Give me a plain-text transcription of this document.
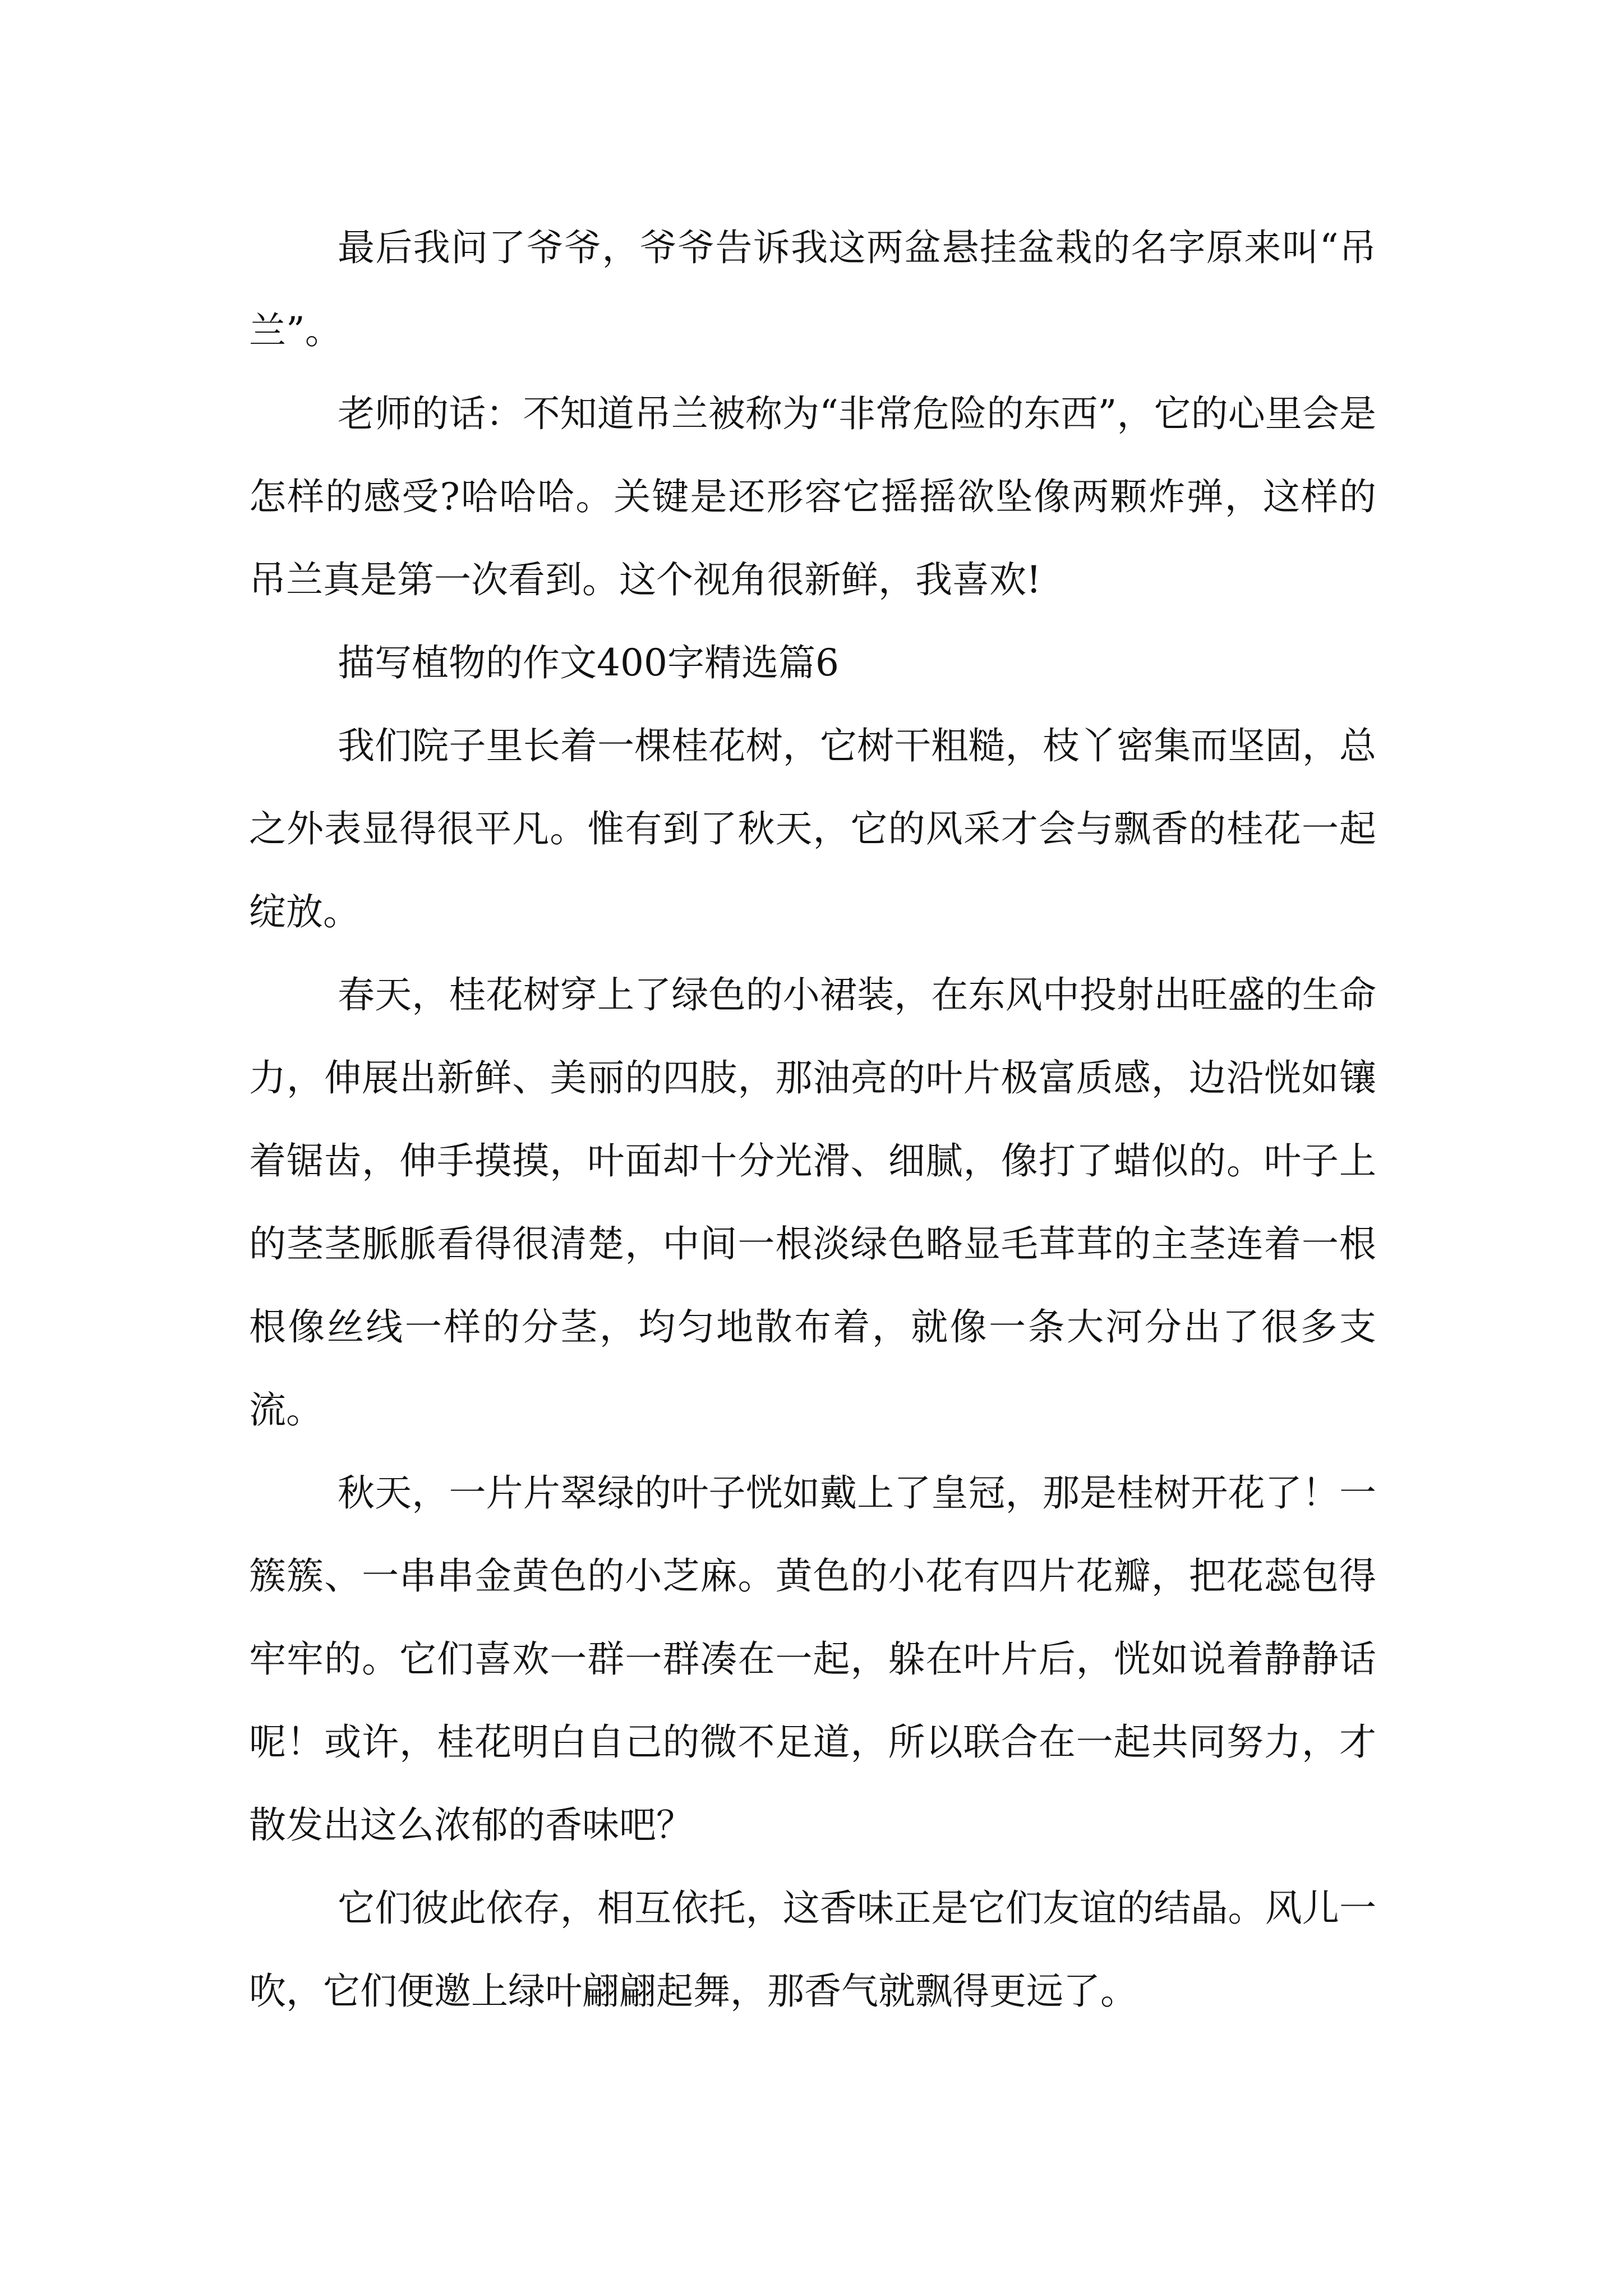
最后我问了爷爷，爷爷告诉我这两盆悬挂盆栽的名字原来叫“吊兰”。

老师的话：不知道吊兰被称为“非常危险的东西”，它的心里会是怎样的感受?哈哈哈。关键是还形容它摇摇欲坠像两颗炸弹，这样的吊兰真是第一次看到。这个视角很新鲜，我喜欢!

描写植物的作文400字精选篇6

我们院子里长着一棵桂花树，它树干粗糙，枝丫密集而坚固，总之外表显得很平凡。惟有到了秋天，它的风采才会与飘香的桂花一起绽放。

春天，桂花树穿上了绿色的小裙装，在东风中投射出旺盛的生命力，伸展出新鲜、美丽的四肢，那油亮的叶片极富质感，边沿恍如镶着锯齿，伸手摸摸，叶面却十分光滑、细腻，像打了蜡似的。叶子上的茎茎脈脈看得很清楚，中间一根淡绿色略显毛茸茸的主茎连着一根根像丝线一样的分茎，均匀地散布着，就像一条大河分出了很多支流。

秋天，一片片翠绿的叶子恍如戴上了皇冠，那是桂树开花了！一簇簇、一串串金黄色的小芝麻。黄色的小花有四片花瓣，把花蕊包得牢牢的。它们喜欢一群一群凑在一起，躲在叶片后，恍如说着静静话呢！或许，桂花明白自己的微不足道，所以联合在一起共同努力，才散发出这么浓郁的香味吧？

它们彼此依存，相互依托，这香味正是它们友谊的结晶。风儿一吹，它们便邀上绿叶翩翩起舞，那香气就飘得更远了。
